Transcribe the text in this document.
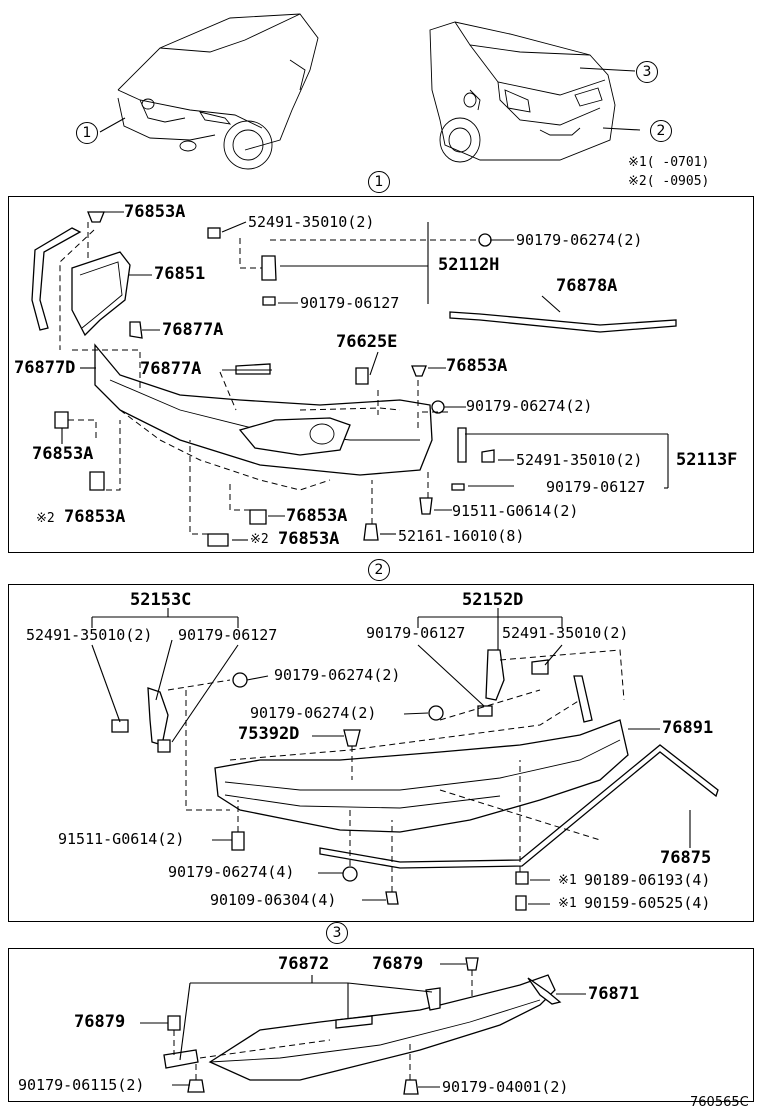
1
3
2
※1( -0701)
※2( -0905)
1
76853A	52491-35010(2)
90179-06274(2)
76851	52112H
90179-06127
76878A
76877A
76877D
76625E
76877A	76853A
90179-06274(2)
76853A	52491-35010(2) 52113F
90179-06127
※2 76853A	76853A	91511-G0614(2)
※2 76853A	52161-16010(8)
2
52153C	52152D
52491-35010(2) 90179-06127	90179-06127 52491-35010(2)
90179-06274(2)
90179-06274(2)
75392D	76891
91511-G0614(2)
76875
90179-06274(4)	※1 90189-06193(4)
90109-06304(4)	※1 90159-60525(4)
3
76872	76879
76871
76879
90179-06115(2)	90179-04001(2)
760565C
